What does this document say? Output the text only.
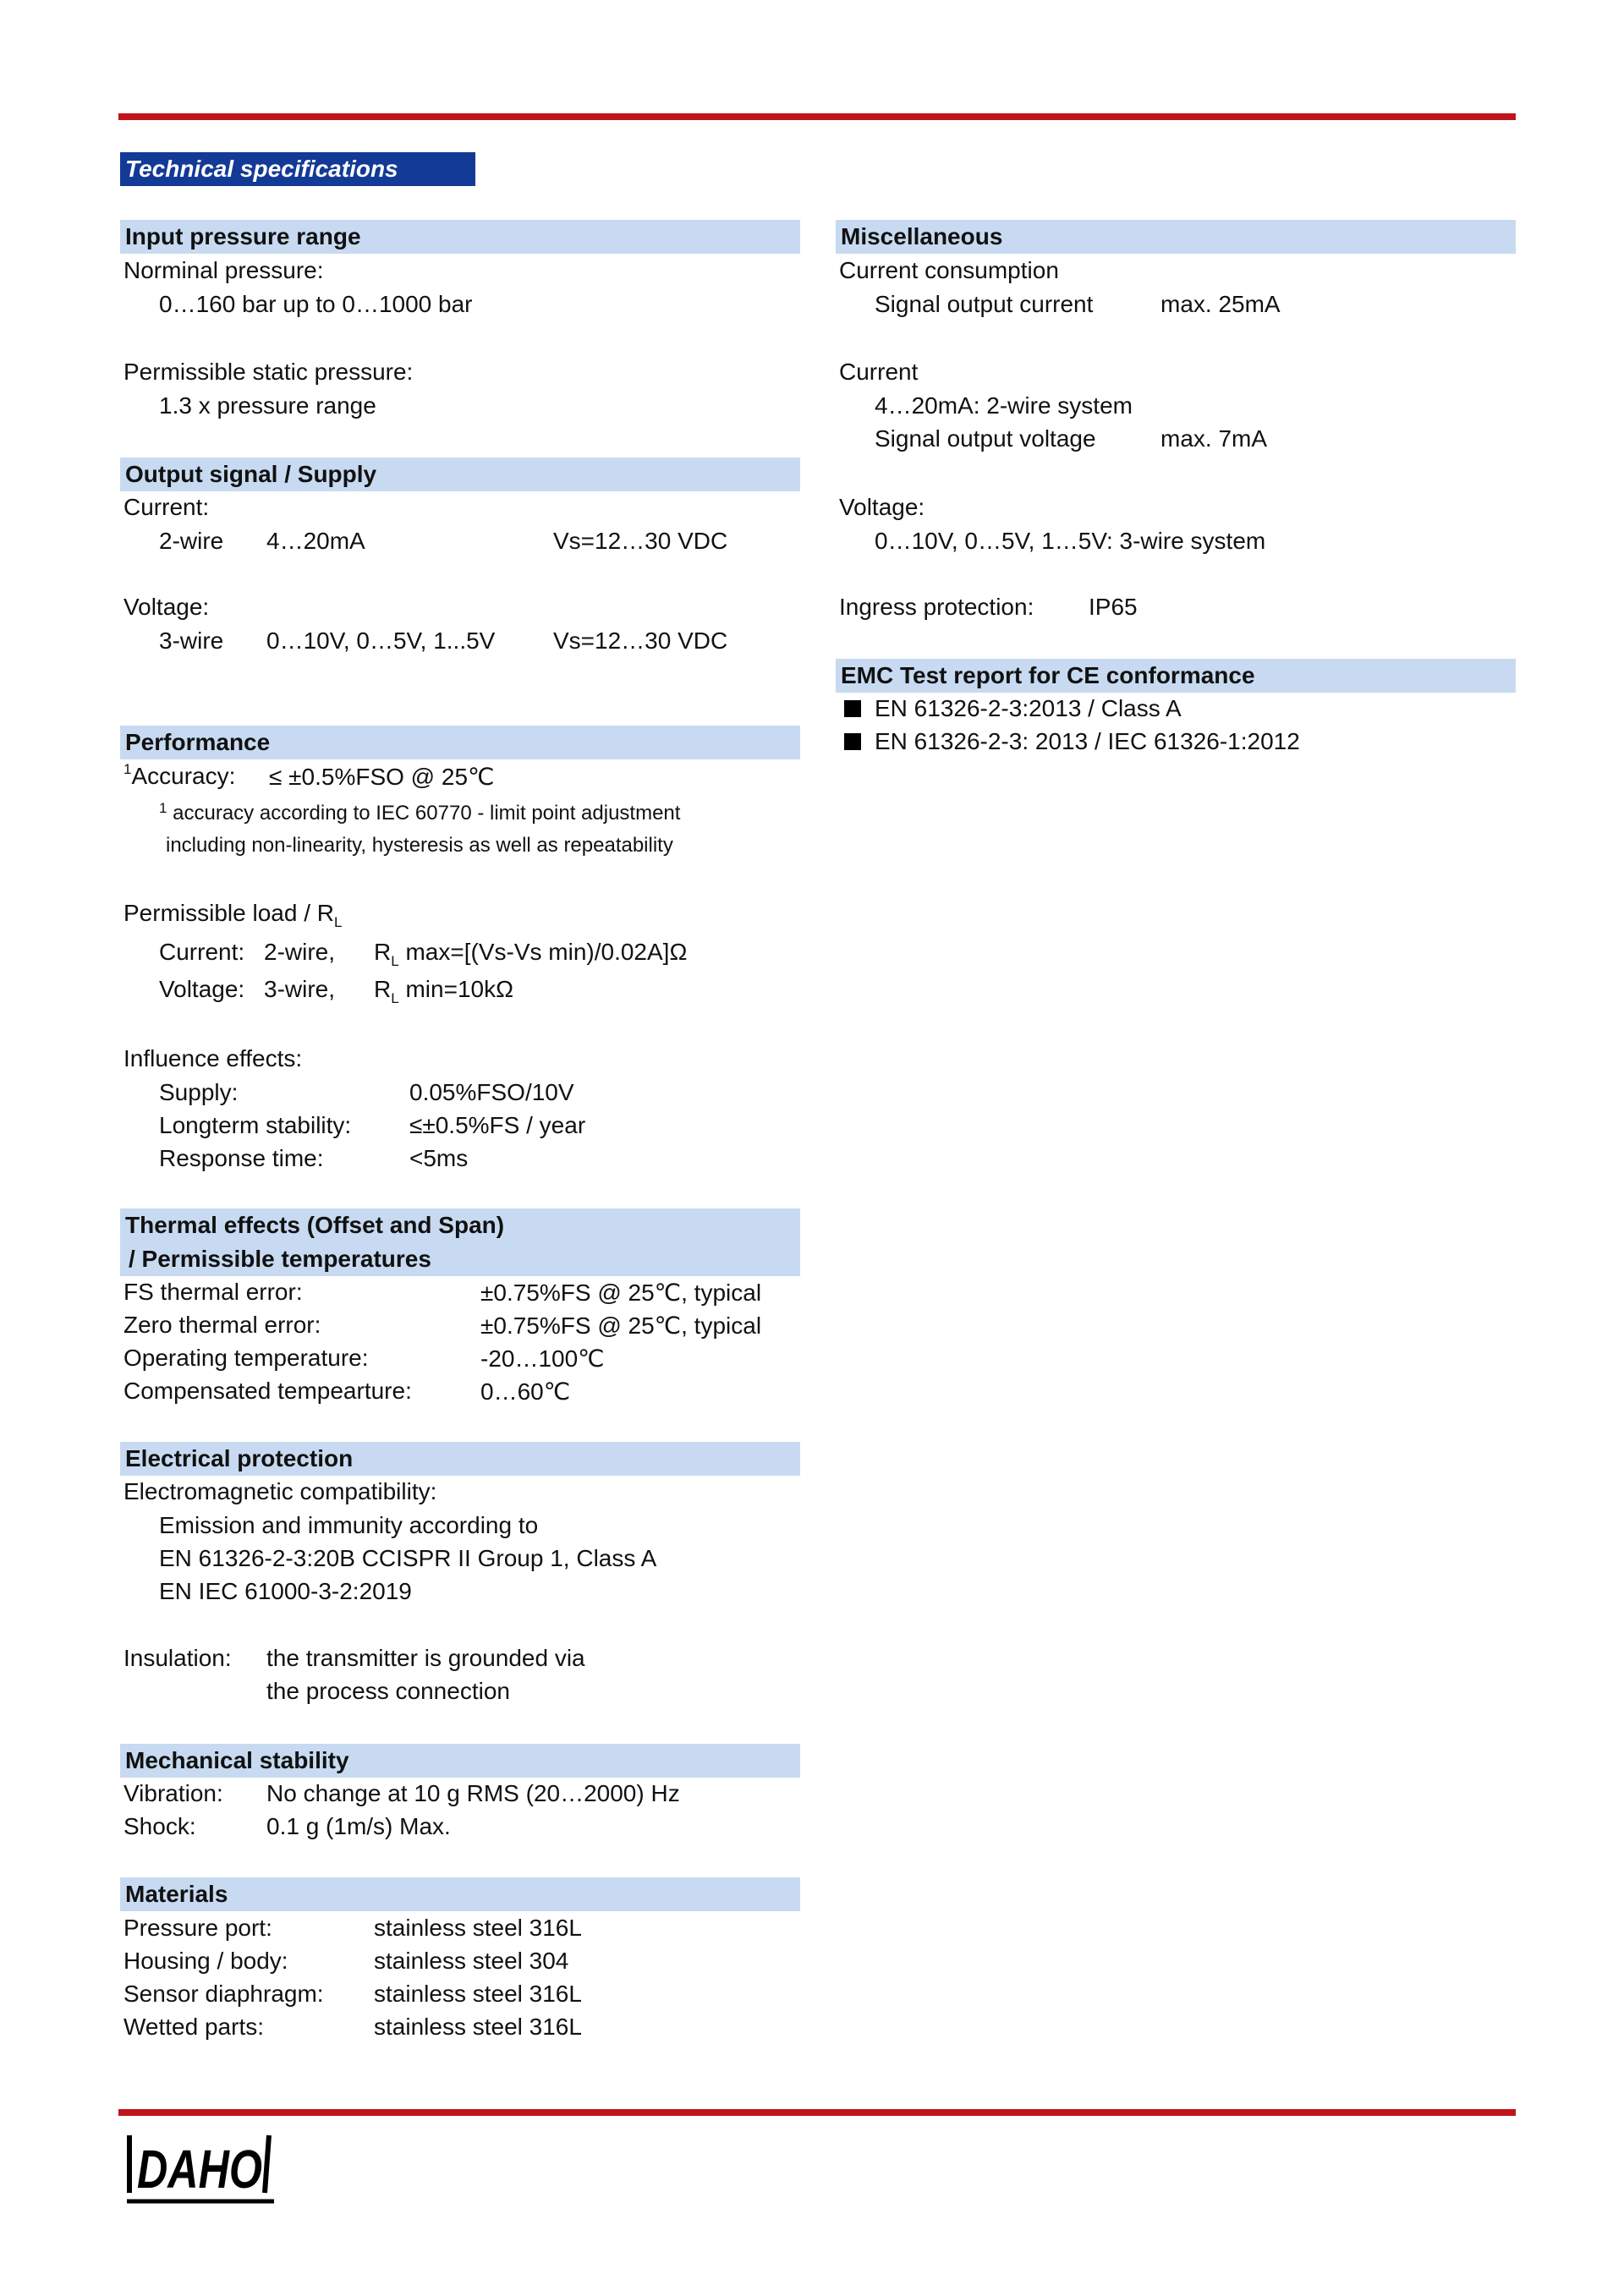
Technical specifications
Input pressure range
Norminal pressure:
0…160 bar up to 0…1000 bar
Permissible static pressure:
1.3 x pressure range
Output signal / Supply
Current:
2-wire 4…20mA	Vs=12…30 VDC
Voltage:
3-wire 0…10V, 0…5V, 1...5V Vs=12…30 VDC
Performance
$^1$Accuracy: ≤ ±0.5%FSO @ 25℃
$^1$ accuracy according to IEC 60770 - limit point adjustment
including non-linearity, hysteresis as well as repeatability
Permissible load / RL
Current: 2-wire, RL max=[(Vs-Vs min)/0.02A]Ω
Voltage: 3-wire, RL min=10kΩ
Influence effects:
Supply:	0.05%FSO/10V
Longterm stability: ≤±0.5%FS / year
Response time:	<5ms
Thermal effects (Offset and Span)
/ Permissible temperatures
FS thermal error:	±0.75%FS @ 25℃, typical
Zero thermal error:	±0.75%FS @ 25℃, typical
Operating temperature:	-20…100℃
Compensated tempearture:	0…60℃
Electrical protection
Electromagnetic compatibility:
Emission and immunity according to
EN 61326-2-3:20B CCISPR II Group 1, Class A
EN IEC 61000-3-2:2019
Insulation: the transmitter is grounded via
the process connection
Mechanical stability
Vibration: No change at 10 g RMS (20…2000) Hz
Shock:	0.1 g (1m/s) Max.
Materials
Pressure port:	stainless steel 316L
Housing / body:	stainless steel 304
Sensor diaphragm: stainless steel 316L
Wetted parts:	stainless steel 316L
Miscellaneous
Current consumption
Signal output current	max. 25mA
Current
4…20mA: 2-wire system
Signal output voltage	max. 7mA
Voltage:
0…10V, 0…5V, 1…5V: 3-wire system
Ingress protection: IP65
EMC Test report for CE conformance
EN 61326-2-3:2013 / Class A
EN 61326-2-3: 2013 / IEC 61326-1:2012
DAHO
